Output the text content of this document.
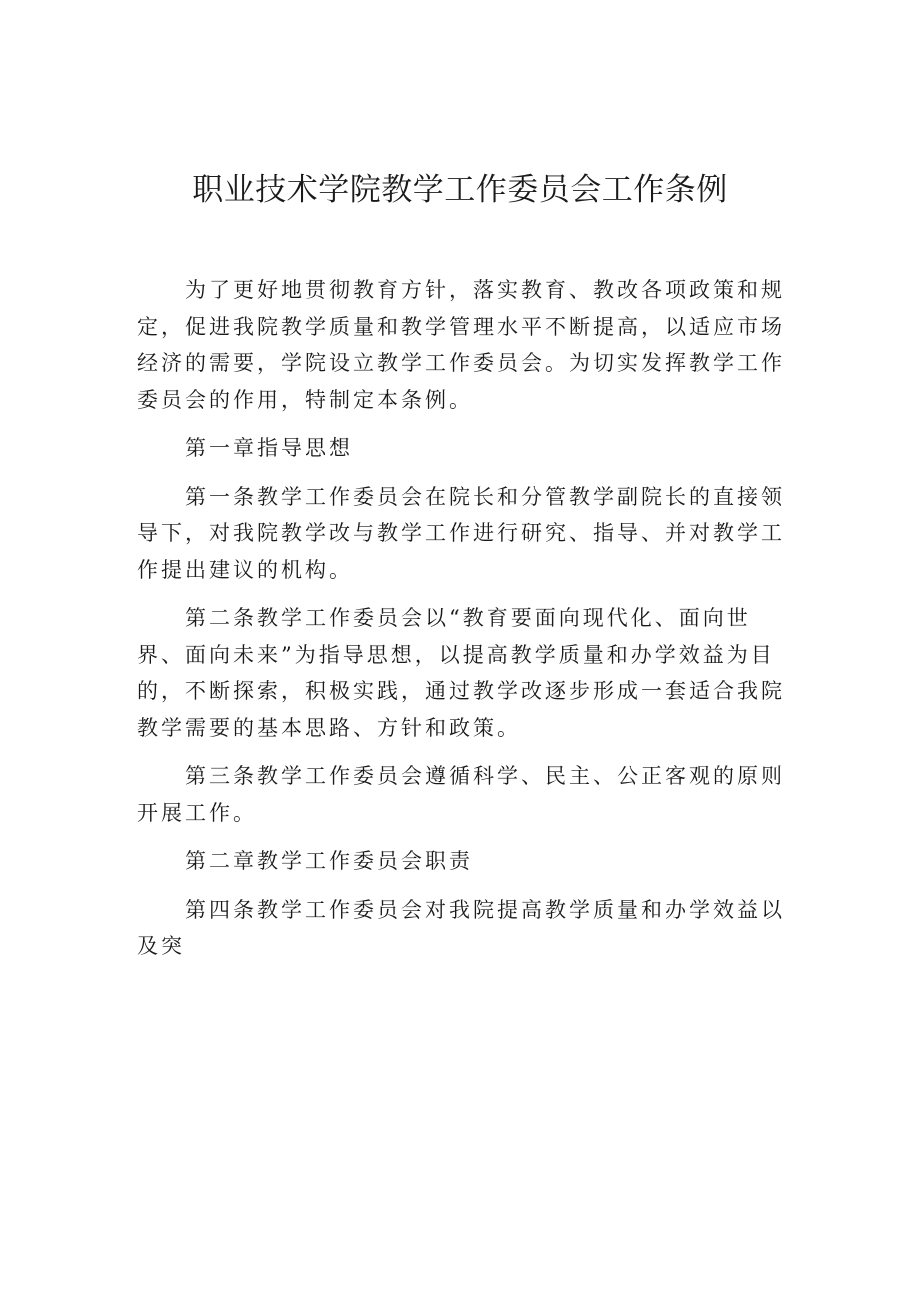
职业技术学院教学工作委员会工作条例

为了更好地贯彻教育方针，落实教育、教改各项政策和规定，促进我院教学质量和教学管理水平不断提高，以适应市场经济的需要，学院设立教学工作委员会。为切实发挥教学工作委员会的作用，特制定本条例。

第一章指导思想

第一条教学工作委员会在院长和分管教学副院长的直接领导下，对我院教学改与教学工作进行研究、指导、并对教学工作提出建议的机构。

第二条教学工作委员会以“教育要面向现代化、面向世界、面向未来”为指导思想，以提高教学质量和办学效益为目的，不断探索，积极实践，通过教学改逐步形成一套适合我院教学需要的基本思路、方针和政策。

第三条教学工作委员会遵循科学、民主、公正客观的原则开展工作。

第二章教学工作委员会职责

第四条教学工作委员会对我院提高教学质量和办学效益以及突
